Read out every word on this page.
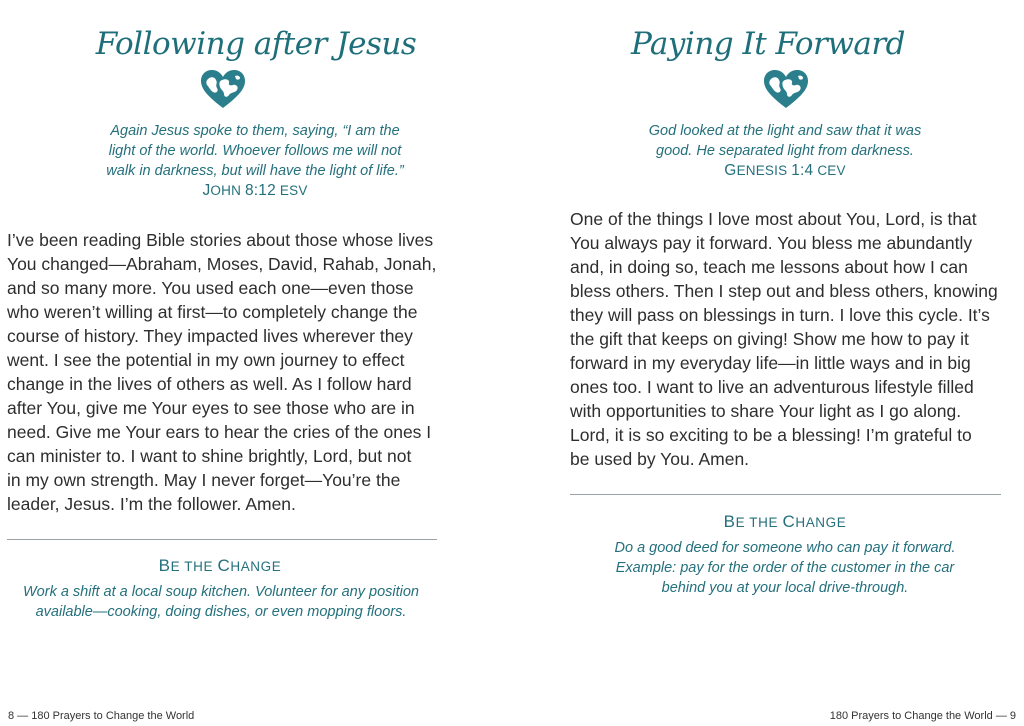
Following after Jesus
Again Jesus spoke to them, saying, “I am the
light of the world. Whoever follows me will not
walk in darkness, but will have the light of life.”
JOHN 8:12 ESV
I’ve been reading Bible stories about those whose lives
You changed—Abraham, Moses, David, Rahab, Jonah,
and so many more. You used each one—even those
who weren’t willing at first—to completely change the
course of history. They impacted lives wherever they
went. I see the potential in my own journey to effect
change in the lives of others as well. As I follow hard
after You, give me Your eyes to see those who are in
need. Give me Your ears to hear the cries of the ones I
can minister to. I want to shine brightly, Lord, but not
in my own strength. May I never forget—You’re the
leader, Jesus. I’m the follower. Amen.
BE THE CHANGE
Work a shift at a local soup kitchen. Volunteer for any position
available—cooking, doing dishes, or even mopping floors.
8 — 180 Prayers to Change the World
Paying It Forward
God looked at the light and saw that it was
good. He separated light from darkness.
GENESIS 1:4 CEV
One of the things I love most about You, Lord, is that
You always pay it forward. You bless me abundantly
and, in doing so, teach me lessons about how I can
bless others. Then I step out and bless others, knowing
they will pass on blessings in turn. I love this cycle. It’s
the gift that keeps on giving! Show me how to pay it
forward in my everyday life—in little ways and in big
ones too. I want to live an adventurous lifestyle filled
with opportunities to share Your light as I go along.
Lord, it is so exciting to be a blessing! I’m grateful to
be used by You. Amen.
BE THE CHANGE
Do a good deed for someone who can pay it forward.
Example: pay for the order of the customer in the car
behind you at your local drive-through.
180 Prayers to Change the World — 9
